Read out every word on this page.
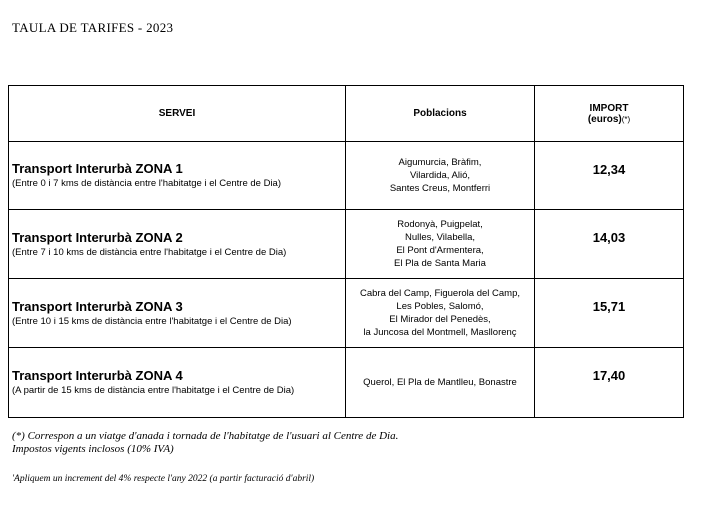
TAULA DE TARIFES - 2023
SERVEI	Poblacions	IMPORT
(euros)(*)

Transport Interurbà ZONA 1
(Entre 0 i 7 kms de distància entre l'habitatge i el Centre de Dia)	Aigumurcia, Bràfim,
Vilardida, Alió,
Santes Creus, Montferri	12,34

Transport Interurbà ZONA 2
(Entre 7 i 10 kms de distància entre l'habitatge i el Centre de Dia)	Rodonyà, Puigpelat,
Nulles, Vilabella,
El Pont d'Armentera,
El Pla de Santa Maria	14,03

Transport Interurbà ZONA 3
(Entre 10 i 15 kms de distància entre l'habitatge i el Centre de Dia)	Cabra del Camp, Figuerola del Camp,
Les Pobles, Salomó,
El Mirador del Penedès,
la Juncosa del Montmell, Masllorenç	15,71

Transport Interurbà ZONA 4
(A partir de 15 kms de distància entre l'habitatge i el Centre de Dia)	Querol, El Pla de Mantlleu, Bonastre	17,40
(*) Correspon a un viatge d'anada i tornada de l'habitatge de l'usuari al Centre de Dia.
Impostos vigents inclosos (10% IVA)
'Apliquem un increment del 4% respecte l'any 2022 (a partir facturació d'abril)
